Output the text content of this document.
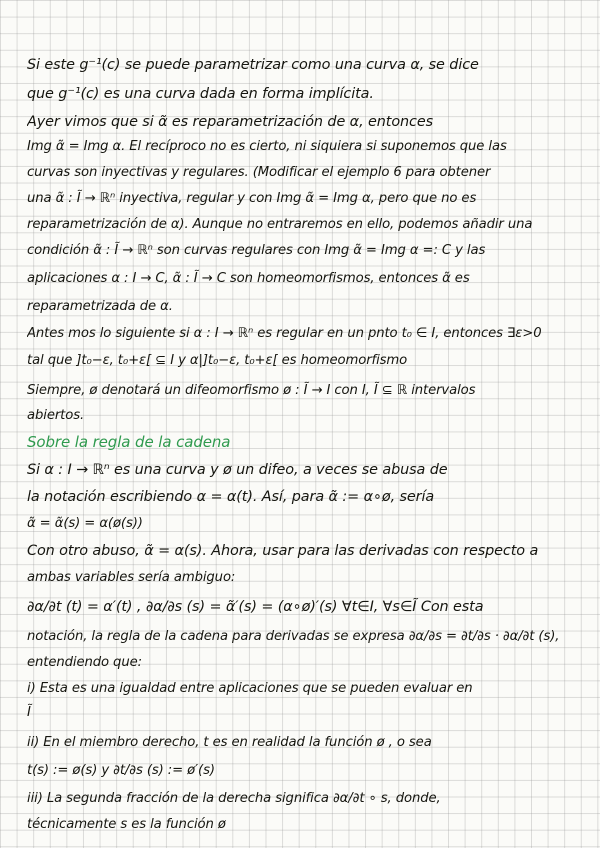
Si este g⁻¹(c) se puede parametrizar como una curva α, se dice
que g⁻¹(c) es una curva dada en forma implícita.
Ayer vimos que si α̃ es reparametrización de α, entonces
Img α̃ = Img α. El recíproco no es cierto, ni siquiera si suponemos que las
curvas son inyectivas y regulares. (Modificar el ejemplo 6 para obtener
una α̃ : Ĩ → ℝⁿ inyectiva, regular y con Img α̃ = Img α, pero que no es
reparametrización de α). Aunque no entraremos en ello, podemos añadir una
condición α̃ : Ĩ → ℝⁿ son curvas regulares con Img α̃ = Img α =: C y las
aplicaciones α : I → C, α̃ : Ĩ → C son homeomorfismos, entonces α̃ es
reparametrizada de α.
Antes mos lo siguiente si α : I → ℝⁿ es regular en un pnto t₀ ∈ I, entonces ∃ε>0
tal que ]t₀−ε, t₀+ε[ ⊆ I y α|]t₀−ε, t₀+ε[ es homeomorfismo
Siempre, ø denotará un difeomorfismo ø : Ĩ → I con I, Ĩ ⊆ ℝ intervalos
abiertos.
Sobre la regla de la cadena
Si α : I → ℝⁿ es una curva y ø un difeo, a veces se abusa de
la notación escribiendo α = α(t). Así, para α̃ := α∘ø, sería
α̃ = α̃(s) = α(ø(s))
Con otro abuso, α̃ = α(s). Ahora, usar para las derivadas con respecto a
ambas variables sería ambiguo:
∂α/∂t (t) = α′(t) , ∂α/∂s (s) = α̃′(s) = (α∘ø)′(s) ∀t∈I, ∀s∈Ĩ Con esta
notación, la regla de la cadena para derivadas se expresa ∂α/∂s = ∂t/∂s · ∂α/∂t (s),
entendiendo que:
i) Esta es una igualdad entre aplicaciones que se pueden evaluar en
Ĩ
ii) En el miembro derecho, t es en realidad la función ø , o sea
t(s) := ø(s) y ∂t/∂s (s) := ø′(s)
iii) La segunda fracción de la derecha significa ∂α/∂t ∘ s, donde,
técnicamente s es la función ø
